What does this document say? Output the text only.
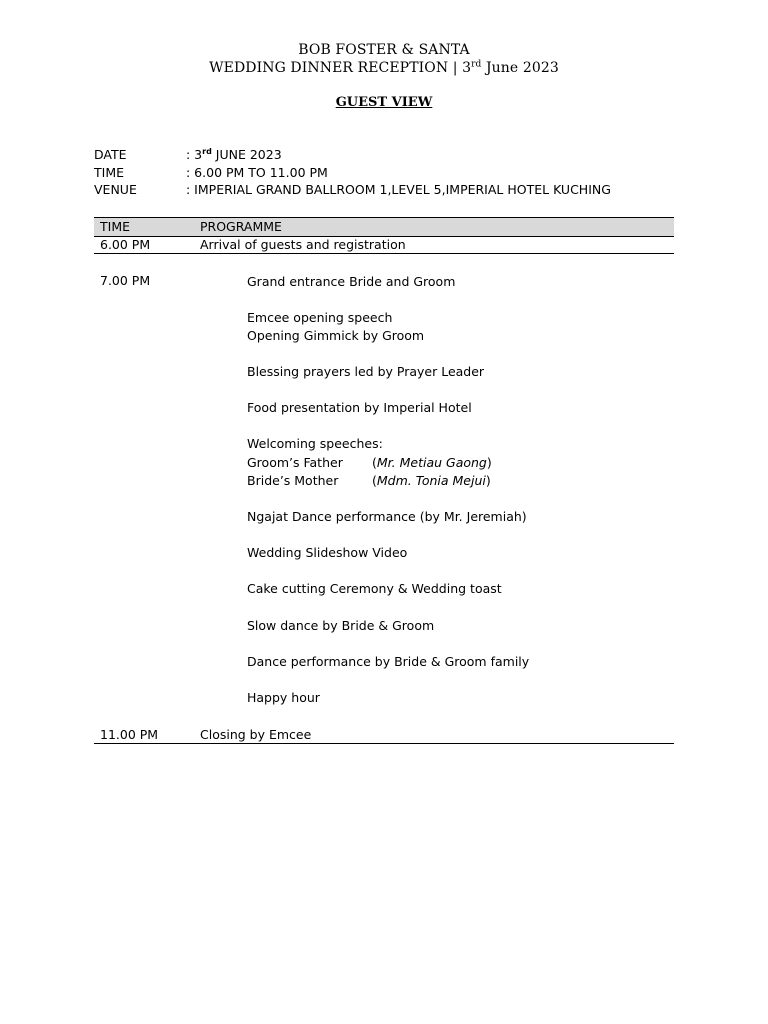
BOB FOSTER & SANTA
WEDDING DINNER RECEPTION | 3rd June 2023
GUEST VIEW
DATE	: 3rd JUNE 2023
TIME	: 6.00 PM TO 11.00 PM
VENUE	: IMPERIAL GRAND BALLROOM 1,LEVEL 5,IMPERIAL HOTEL KUCHING
TIME	PROGRAMME
6.00 PM	Arrival of guests and registration
7.00 PM	Grand entrance Bride and Groom
Emcee opening speech
Opening Gimmick by Groom
Blessing prayers led by Prayer Leader
Food presentation by Imperial Hotel
Welcoming speeches:
Groom’s Father (Mr. Metiau Gaong)
Bride’s Mother	(Mdm. Tonia Mejui)
Ngajat Dance performance (by Mr. Jeremiah)
Wedding Slideshow Video
Cake cutting Ceremony & Wedding toast
Slow dance by Bride & Groom
Dance performance by Bride & Groom family
Happy hour
11.00 PM	Closing by Emcee
